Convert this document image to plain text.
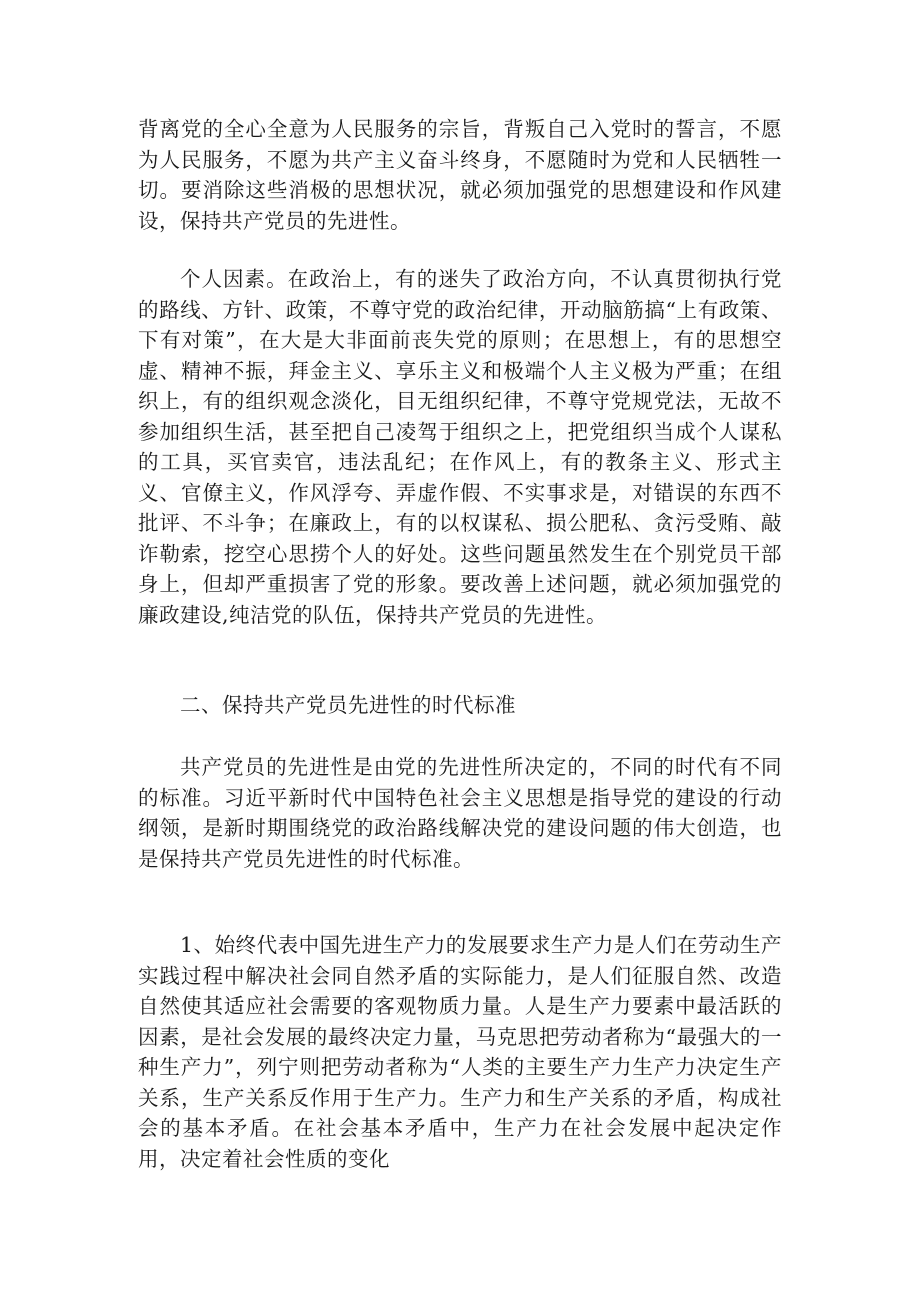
背离党的全心全意为人民服务的宗旨，背叛自己入党时的誓言，不愿为人民服务，不愿为共产主义奋斗终身，不愿随时为党和人民牺牲一切。要消除这些消极的思想状况，就必须加强党的思想建设和作风建设，保持共产党员的先进性。

个人因素。在政治上，有的迷失了政治方向，不认真贯彻执行党的路线、方针、政策，不尊守党的政治纪律，开动脑筋搞“上有政策、下有对策”，在大是大非面前丧失党的原则；在思想上，有的思想空虚、精神不振，拜金主义、享乐主义和极端个人主义极为严重；在组织上，有的组织观念淡化，目无组织纪律，不尊守党规党法，无故不参加组织生活，甚至把自己凌驾于组织之上，把党组织当成个人谋私的工具，买官卖官，违法乱纪；在作风上，有的教条主义、形式主义、官僚主义，作风浮夸、弄虚作假、不实事求是，对错误的东西不批评、不斗争；在廉政上，有的以权谋私、损公肥私、贪污受贿、敲诈勒索，挖空心思捞个人的好处。这些问题虽然发生在个别党员干部身上，但却严重损害了党的形象。要改善上述问题，就必须加强党的廉政建设,纯洁党的队伍，保持共产党员的先进性。

二、保持共产党员先进性的时代标准

共产党员的先进性是由党的先进性所决定的，不同的时代有不同的标准。习近平新时代中国特色社会主义思想是指导党的建设的行动纲领，是新时期围绕党的政治路线解决党的建设问题的伟大创造，也是保持共产党员先进性的时代标准。

1、始终代表中国先进生产力的发展要求生产力是人们在劳动生产实践过程中解决社会同自然矛盾的实际能力，是人们征服自然、改造自然使其适应社会需要的客观物质力量。人是生产力要素中最活跃的因素，是社会发展的最终决定力量，马克思把劳动者称为“最强大的一种生产力”，列宁则把劳动者称为“人类的主要生产力生产力决定生产关系，生产关系反作用于生产力。生产力和生产关系的矛盾，构成社会的基本矛盾。在社会基本矛盾中，生产力在社会发展中起决定作用，决定着社会性质的变化
